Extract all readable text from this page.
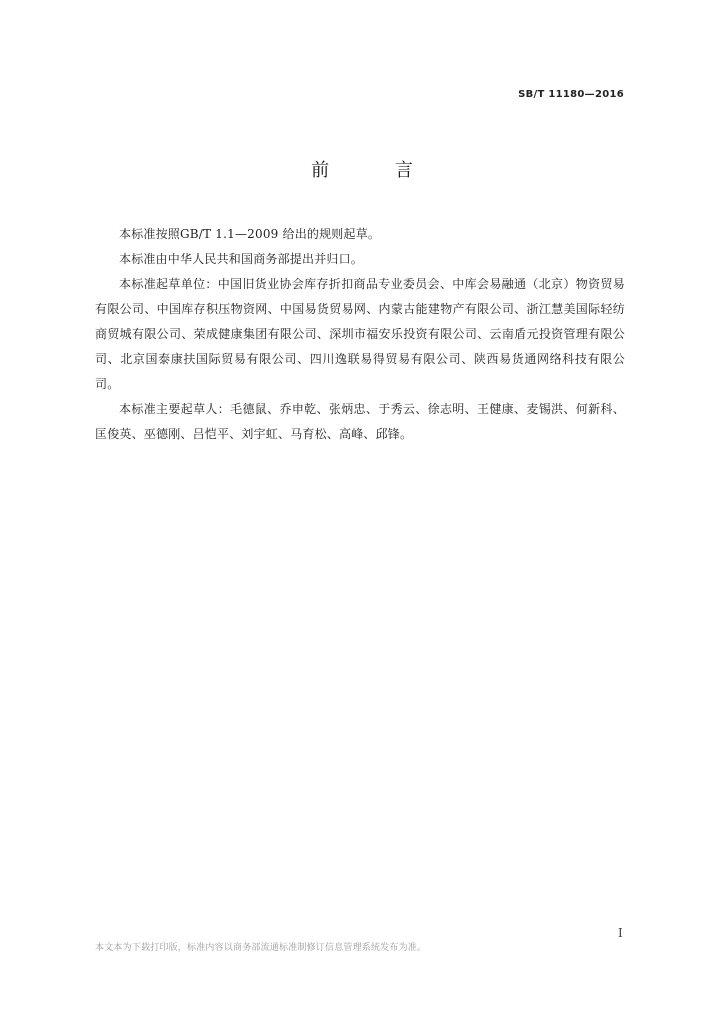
SB/T 11180—2016
前 言

本标准按照GB/T 1.1—2009 给出的规则起草。

本标准由中华人民共和国商务部提出并归口。

本标准起草单位：中国旧货业协会库存折扣商品专业委员会、中库会易融通（北京）物资贸易有限公司、中国库存积压物资网、中国易货贸易网、内蒙古能建物产有限公司、浙江慧美国际轻纺商贸城有限公司、荣成健康集团有限公司、深圳市福安乐投资有限公司、云南盾元投资管理有限公司、北京国泰康扶国际贸易有限公司、四川逸联易得贸易有限公司、陕西易货通网络科技有限公司。

本标准主要起草人：毛德鼠、乔申乾、张炳忠、于秀云、徐志明、王健康、麦锡洪、何新科、匡俊英、巫德刚、吕恺平、刘宇虹、马育松、高峰、邱锋。

I
本文本为下载打印版，标准内容以商务部流通标准制修订信息管理系统发布为准。
